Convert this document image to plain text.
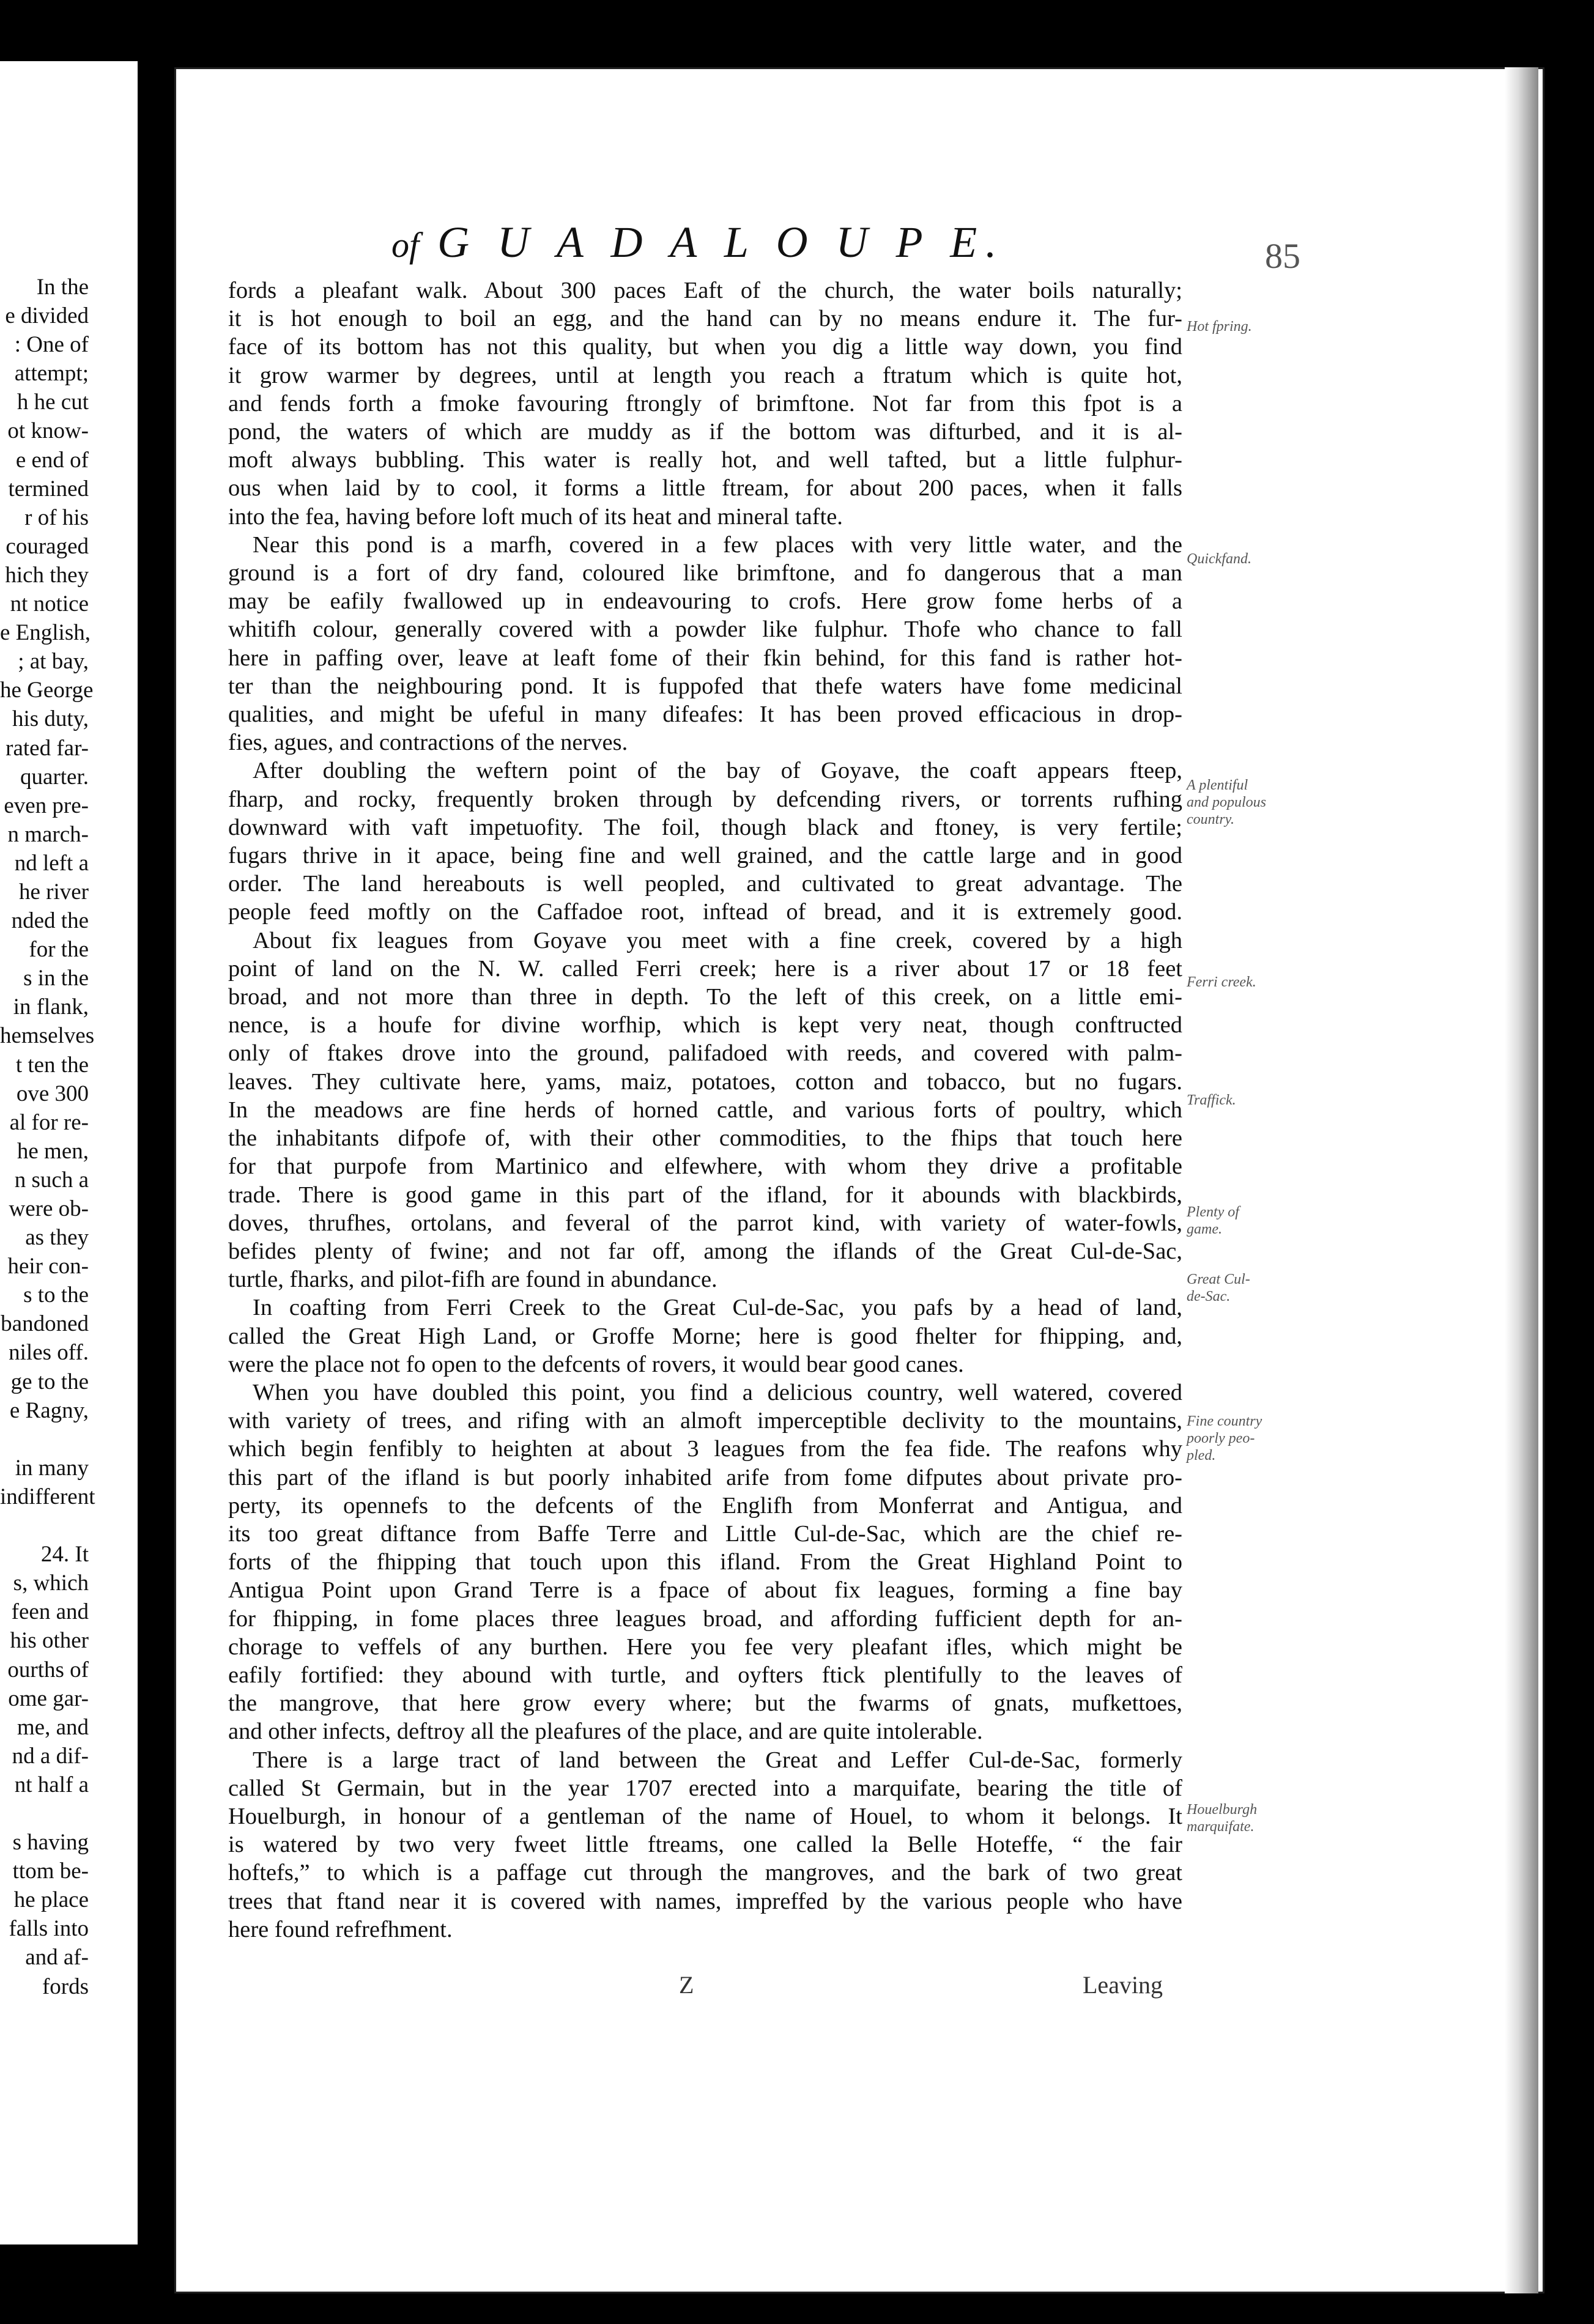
In the
e divided
: One of
attempt;
h he cut
ot know-
e end of
termined
r of his
couraged
hich they
nt notice
e English,
; at bay,
he George
his duty,
rated far-
quarter.
even pre-
n march-
nd left a
he river
nded the
for the
s in the
in flank,
hemselves
t ten the
ove 300
al for re-
he men,
n such a
were ob-
as they
heir con-
s to the
bandoned
niles off.
ge to the
e Ragny,

in many
indifferent

24. It
s, which
feen and
his other
ourths of
ome gar-
me, and
nd a dif-
nt half a

s having
ttom be-
he place
falls into
and af-
fords
of G U A D A L O U P E.	85
fords a pleafant walk. About 300 paces Eaft of the church, the water boils naturally;
it is hot enough to boil an egg, and the hand can by no means endure it. The fur-
face of its bottom has not this quality, but when you dig a little way down, you find
it grow warmer by degrees, until at length you reach a ftratum which is quite hot,
and fends forth a fmoke favouring ftrongly of brimftone. Not far from this fpot is a
pond, the waters of which are muddy as if the bottom was difturbed, and it is al-
moft always bubbling. This water is really hot, and well tafted, but a little fulphur-
ous when laid by to cool, it forms a little ftream, for about 200 paces, when it falls
into the fea, having before loft much of its heat and mineral tafte.
Near this pond is a marfh, covered in a few places with very little water, and the
ground is a fort of dry fand, coloured like brimftone, and fo dangerous that a man
may be eafily fwallowed up in endeavouring to crofs. Here grow fome herbs of a
whitifh colour, generally covered with a powder like fulphur. Thofe who chance to fall
here in paffing over, leave at leaft fome of their fkin behind, for this fand is rather hot-
ter than the neighbouring pond. It is fuppofed that thefe waters have fome medicinal
qualities, and might be ufeful in many difeafes: It has been proved efficacious in drop-
fies, agues, and contractions of the nerves.
After doubling the weftern point of the bay of Goyave, the coaft appears fteep,
fharp, and rocky, frequently broken through by defcending rivers, or torrents rufhing
downward with vaft impetuofity. The foil, though black and ftoney, is very fertile;
fugars thrive in it apace, being fine and well grained, and the cattle large and in good
order. The land hereabouts is well peopled, and cultivated to great advantage. The
people feed moftly on the Caffadoe root, inftead of bread, and it is extremely good.
About fix leagues from Goyave you meet with a fine creek, covered by a high
point of land on the N. W. called Ferri creek; here is a river about 17 or 18 feet
broad, and not more than three in depth. To the left of this creek, on a little emi-
nence, is a houfe for divine worfhip, which is kept very neat, though conftructed
only of ftakes drove into the ground, palifadoed with reeds, and covered with palm-
leaves. They cultivate here, yams, maiz, potatoes, cotton and tobacco, but no fugars.
In the meadows are fine herds of horned cattle, and various forts of poultry, which
the inhabitants difpofe of, with their other commodities, to the fhips that touch here
for that purpofe from Martinico and elfewhere, with whom they drive a profitable
trade. There is good game in this part of the ifland, for it abounds with blackbirds,
doves, thrufhes, ortolans, and feveral of the parrot kind, with variety of water-fowls,
befides plenty of fwine; and not far off, among the iflands of the Great Cul-de-Sac,
turtle, fharks, and pilot-fifh are found in abundance.
In coafting from Ferri Creek to the Great Cul-de-Sac, you pafs by a head of land,
called the Great High Land, or Groffe Morne; here is good fhelter for fhipping, and,
were the place not fo open to the defcents of rovers, it would bear good canes.
When you have doubled this point, you find a delicious country, well watered, covered
with variety of trees, and rifing with an almoft imperceptible declivity to the mountains,
which begin fenfibly to heighten at about 3 leagues from the fea fide. The reafons why
this part of the ifland is but poorly inhabited arife from fome difputes about private pro-
perty, its opennefs to the defcents of the Englifh from Monferrat and Antigua, and
its too great diftance from Baffe Terre and Little Cul-de-Sac, which are the chief re-
forts of the fhipping that touch upon this ifland. From the Great Highland Point to
Antigua Point upon Grand Terre is a fpace of about fix leagues, forming a fine bay
for fhipping, in fome places three leagues broad, and affording fufficient depth for an-
chorage to veffels of any burthen. Here you fee very pleafant ifles, which might be
eafily fortified: they abound with turtle, and oyfters ftick plentifully to the leaves of
the mangrove, that here grow every where; but the fwarms of gnats, mufkettoes,
and other infects, deftroy all the pleafures of the place, and are quite intolerable.
There is a large tract of land between the Great and Leffer Cul-de-Sac, formerly
called St Germain, but in the year 1707 erected into a marquifate, bearing the title of
Houelburgh, in honour of a gentleman of the name of Houel, to whom it belongs. It
is watered by two very fweet little ftreams, one called la Belle Hoteffe, “ the fair
hoftefs,” to which is a paffage cut through the mangroves, and the bark of two great
trees that ftand near it is covered with names, impreffed by the various people who have
here found refrefhment.
Hot fpring.
Quickfand.
A plentiful
and populous
country.
Ferri creek.
Traffick.
Plenty of
game.
Great Cul-
de-Sac.
Fine country
poorly peo-
pled.
Houelburgh
marquifate.
Z	Leaving
